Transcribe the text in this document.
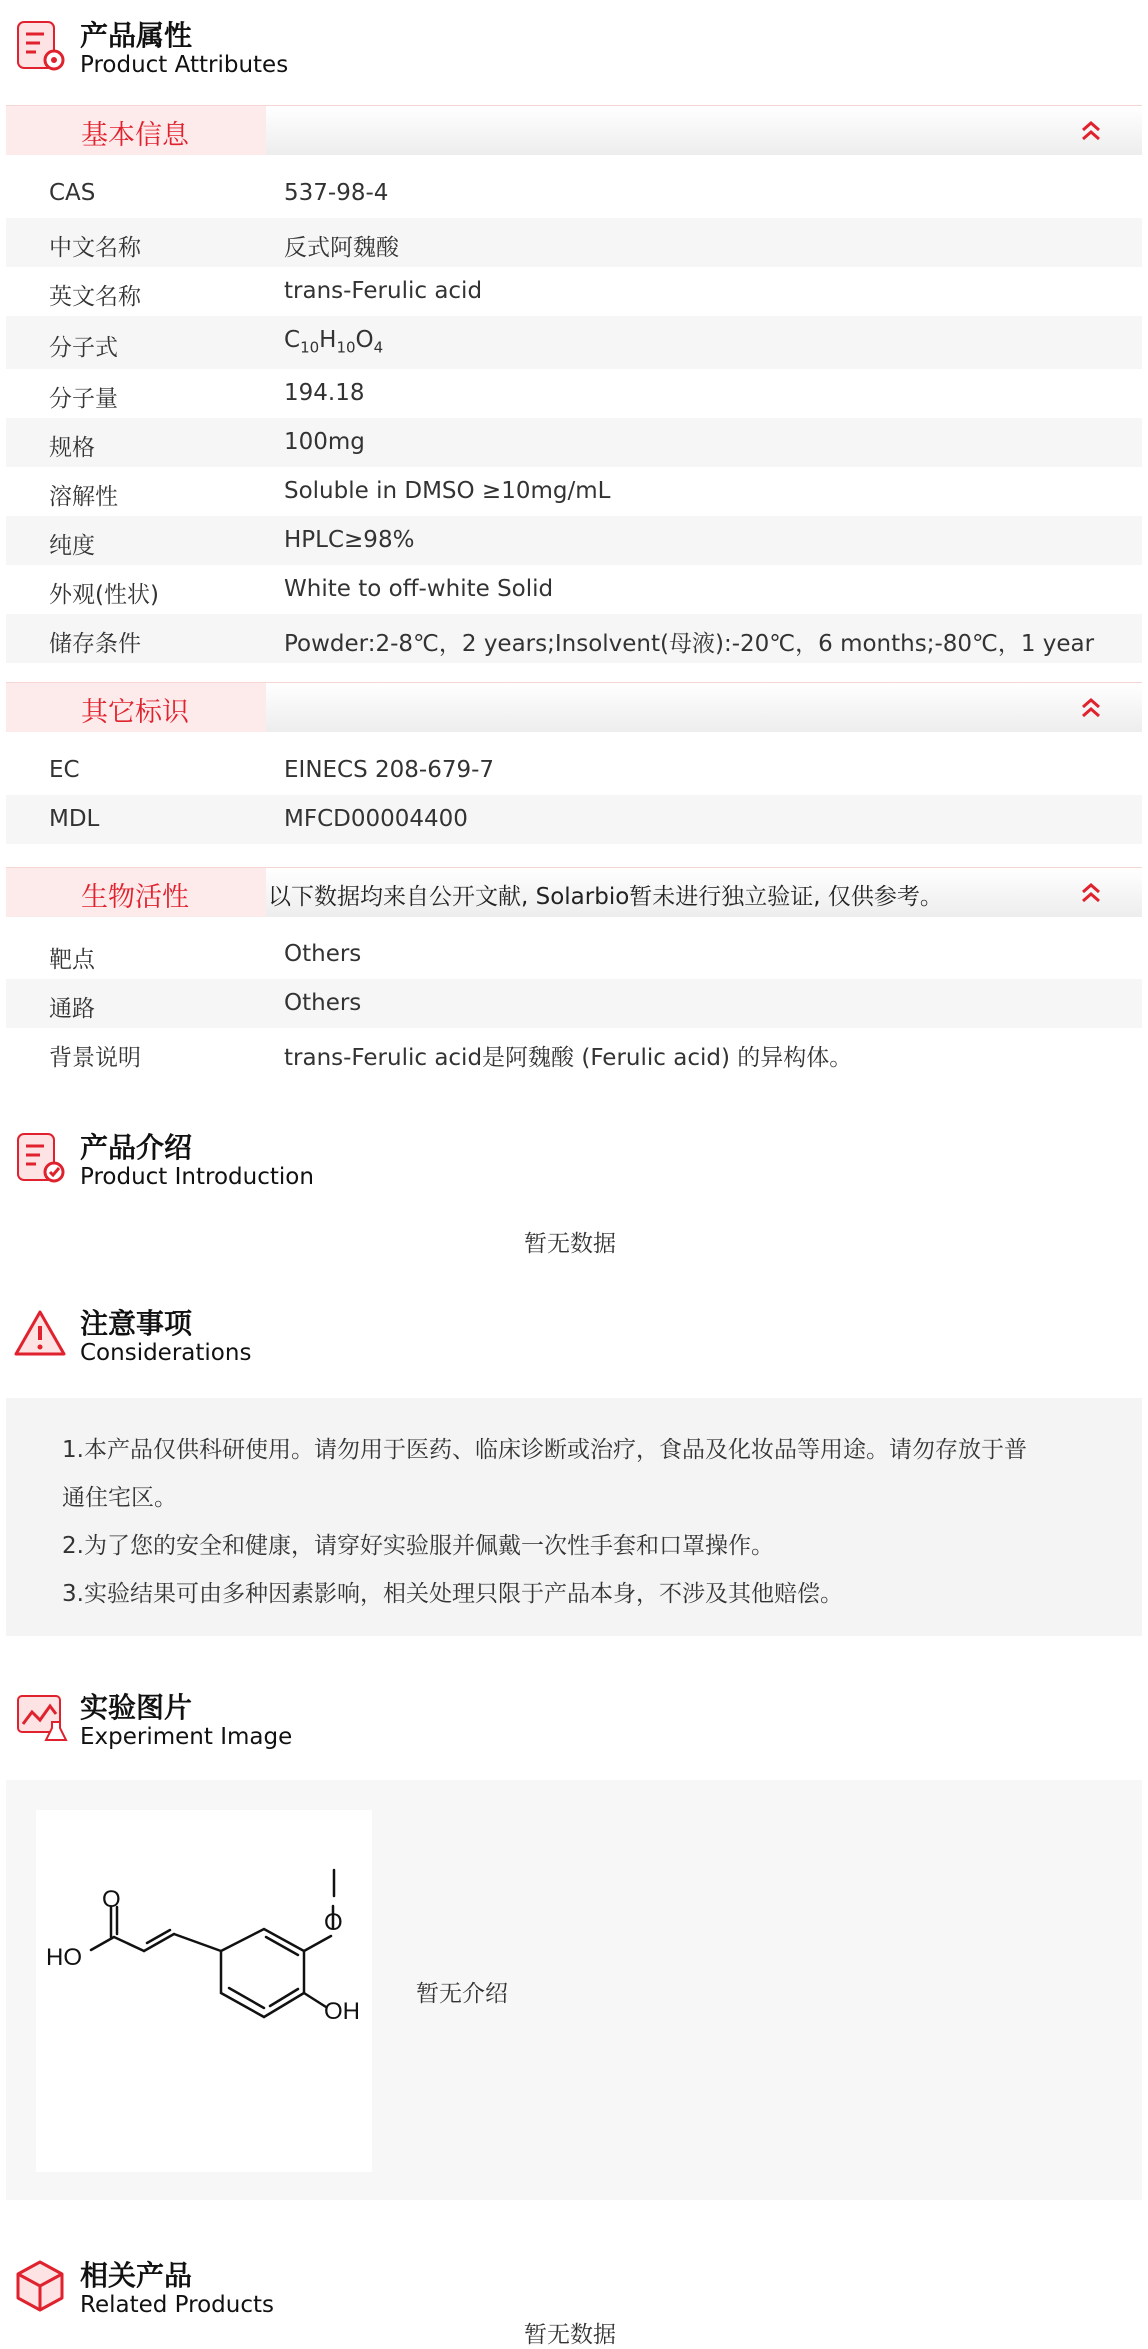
产品属性
Product Attributes
基本信息
CAS	537-98-4
中文名称	反式阿魏酸
英文名称	trans-Ferulic acid
分子式	$C_{10}H_{10}O_4$
分子量	194.18
规格	100mg
溶解性	Soluble in DMSO ≥10mg/mL
纯度	HPLC≥98%
外观(性状)	White to off-white Solid
储存条件	Powder:2-8℃，2 years;Insolvent(母液):-20℃，6 months;-80℃，1 year
其它标识
EC	EINECS 208-679-7
MDL	MFCD00004400
生物活性	以下数据均来自公开文献, Solarbio暂未进行独立验证, 仅供参考。
靶点	Others
通路	Others
背景说明	trans-Ferulic acid是阿魏酸 (Ferulic acid) 的异构体。
产品介绍
Product Introduction
暂无数据
注意事项
Considerations

1.本产品仅供科研使用。请勿用于医药、临床诊断或治疗，食品及化妆品等用途。请勿存放于普

通住宅区。

2.为了您的安全和健康，请穿好实验服并佩戴一次性手套和口罩操作。

3.实验结果可由多种因素影响，相关处理只限于产品本身，不涉及其他赔偿。

实验图片
Experiment Image
O
HO
O
OH
暂无介绍
相关产品
Related Products
暂无数据
